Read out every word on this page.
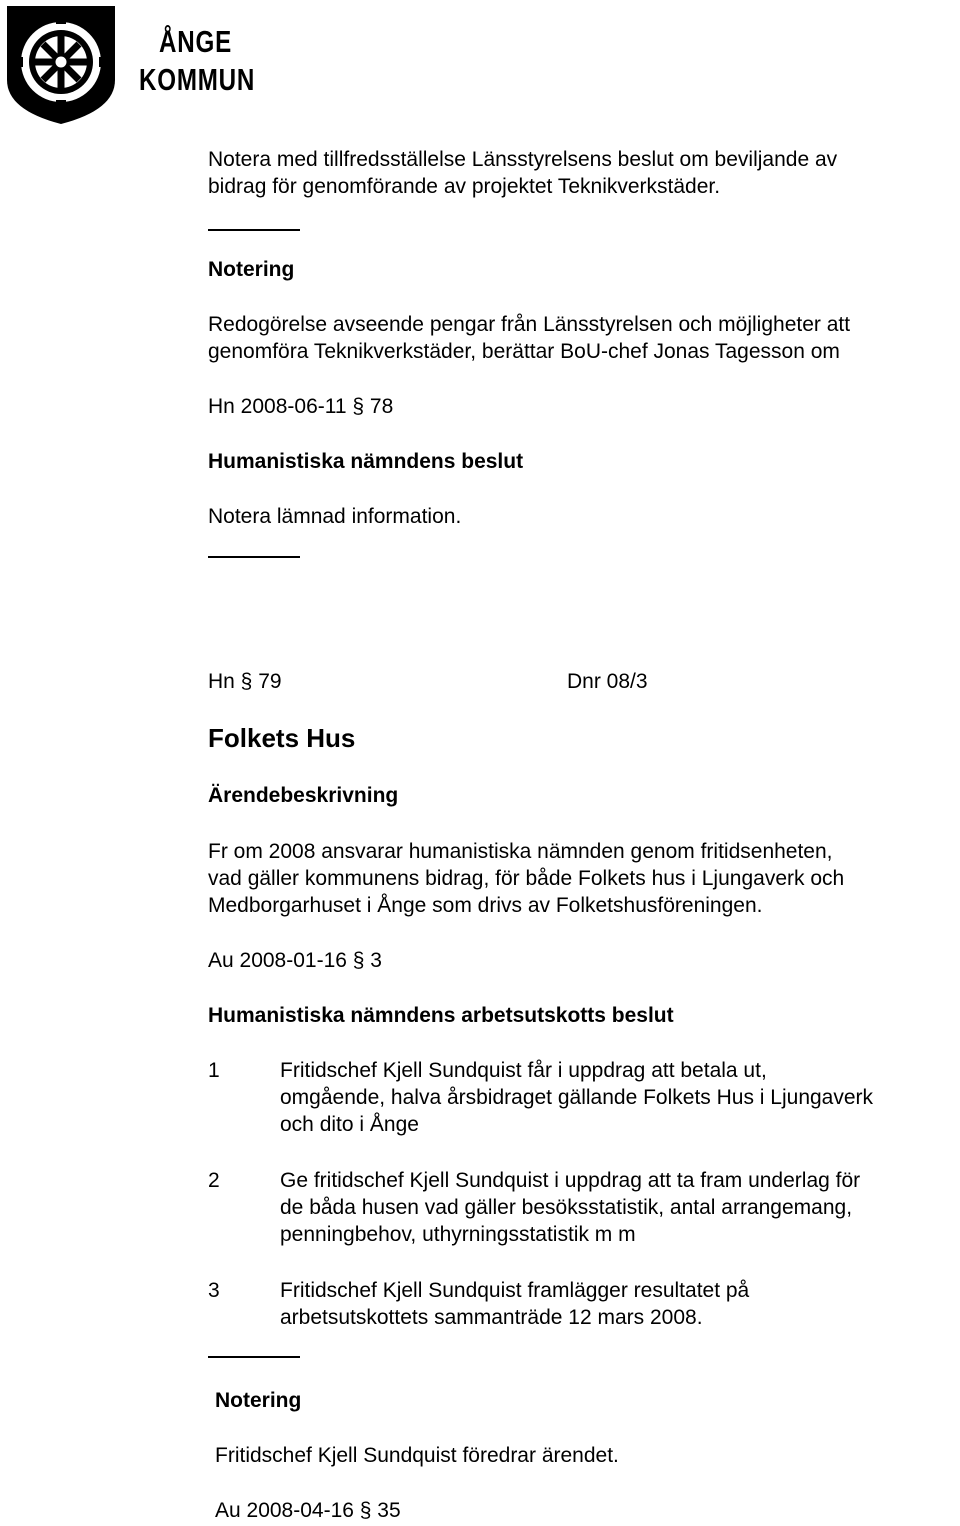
ÅNGE
KOMMUN
Notera med tillfredsställelse Länsstyrelsens beslut om beviljande av
bidrag för genomförande av projektet Teknikverkstäder.
Notering
Redogörelse avseende pengar från Länsstyrelsen och möjligheter att
genomföra Teknikverkstäder, berättar BoU-chef Jonas Tagesson om
Hn 2008-06-11 § 78
Humanistiska nämndens beslut
Notera lämnad information.
Hn § 79	Dnr 08/3
Folkets Hus
Ärendebeskrivning
Fr om 2008 ansvarar humanistiska nämnden genom fritidsenheten,
vad gäller kommunens bidrag, för både Folkets hus i Ljungaverk och
Medborgarhuset i Ånge som drivs av Folketshusföreningen.
Au 2008-01-16 § 3
Humanistiska nämndens arbetsutskotts beslut
1	Fritidschef Kjell Sundquist får i uppdrag att betala ut,
omgående, halva årsbidraget gällande Folkets Hus i Ljungaverk
och dito i Ånge
2	Ge fritidschef Kjell Sundquist i uppdrag att ta fram underlag för
de båda husen vad gäller besöksstatistik, antal arrangemang,
penningbehov, uthyrningsstatistik m m
3	Fritidschef Kjell Sundquist framlägger resultatet på
arbetsutskottets sammanträde 12 mars 2008.
Notering
Fritidschef Kjell Sundquist föredrar ärendet.
Au 2008-04-16 § 35
